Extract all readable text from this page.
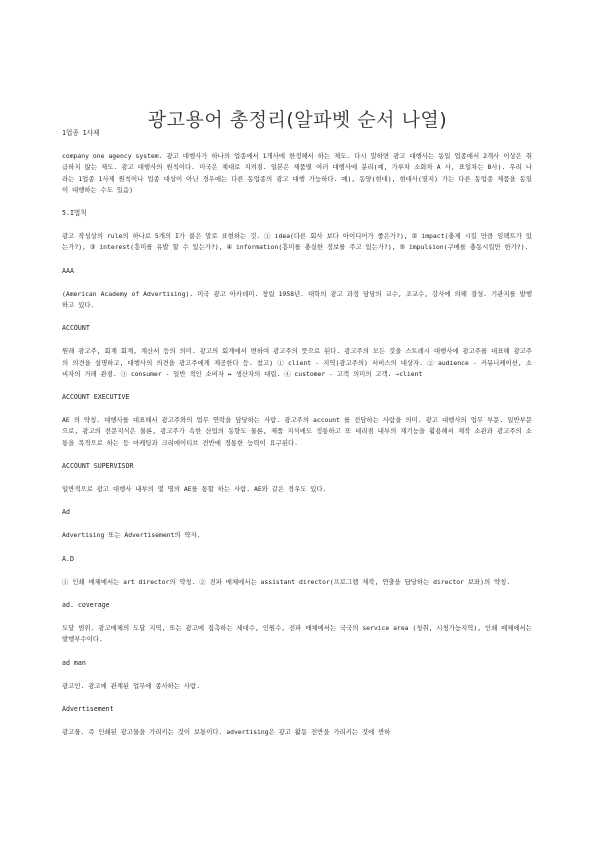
광고용어 총정리(알파벳 순서 나열)

1업종 1사제

company one agency system. 광고 대행사가 하나의 업종에서 1개사에 한정해서 하는 제도. 다시 말하면 광고 대행사는 동일 업종에서 2개사 이상은 취급하지 않는 제도. 광고 대행사의 원칙이다. 미국은 제대로 지켜짐. 일본은 제품별 여러 대행사에 분리(예, 가루차 소화차 A 사, 표일차는 B사). 우리 나라는 1업종 1사제 원칙이나 업종 대상이 아닌 경우에는 다른 동업종의 광고 대행 가능하다. 예), 동양(현대), 현대사(열지) 가는 다른 동업종 제품을 동일이 대행하는 수도 있음)

5.I법칙

광고 작성상의 rule의 하나로 5개의 I가 붙은 말로 표현하는 것. ① idea(다른 회사 보다 아이디어가 좋은가?), ② impact(충제 시킬 만큼 임팩트가 있는가?), ③ interest(흥미를 유발 할 수 있는가?), ④ information(흥미를 충실한 정보를 주고 있는가?), ⑤ impulsion(구매를 충동시킬만 한가?).

AAA

(American Academy of Advertising). 미국 광고 아카데미. 창립 1958년. 대학의 광고 과정 담당의 교수, 조교수, 강사에 의해 결성. 기관지를 발행하고 있다.

ACCOUNT

원래 광고주, 회계 회계, 계산서 등의 의미. 광고의 회계에서 변하여 광고주의 뜻으로 된다. 광고주의 모든 것을 스트레시 대행사에 광고주를 대표해 광고주의 의견을 설명하고, 대행사의 의견을 광고주에게 제공한다 등. 참고) ① client - 지역(광고주의) 서비스의 대상자. ② audience - 커뮤니케이션, 소비자의 거래 관점. ③ consumer - 일반 적인 소비자 ↔ 생산자의 대립. ④ customer - 고객 의미의 고객. →client

ACCOUNT EXECUTIVE

AE 의 약칭. 대행사를 대표해서 광고주와의 업무 연락을 담당하는 사람. 광고주의 account 를 전담하는 사람을 의미. 광고 대행사의 업무 부문. 일반부문으로, 광고의 전문지식은 물론, 광고주가 속한 산업의 동향도 물론, 제품 지식에도 정통하고 또 대리점 내부의 제기능을 활용해서 제작 소관과 광고주의 소통을 목적으로 하는 등 마케팅과 크리에이티브 전반에 정통한 능력이 요구된다.

ACCOUNT SUPERVISOR

일반적으로 광고 대행사 내부의 몇 명의 AE를 통할 하는 사람. AE와 같은 경우도 있다.

Ad

Advertising 또는 Advertisement의 약자.

A.D

① 인쇄 매체에서는 art director의 약칭. ② 전파 매체에서는 assistant director(프로그램 제작, 연출을 담당하는 director 보좌)의 약칭.

ad. coverage

도달 범위. 광고매체의 도달 지역, 또는 광고에 접촉하는 세대수, 인원수, 전파 매체에서는 국국의 service area (청취, 시청가능지역), 인쇄 매체에서는 발행부수이다.

ad man

광고인. 광고에 관계된 업무에 종사하는 사람.

Advertisement

광고물. 즉 인쇄된 광고물을 가리키는 것이 보통이다. advertising은 광고 활동 전반을 가리키는 것에 반하
